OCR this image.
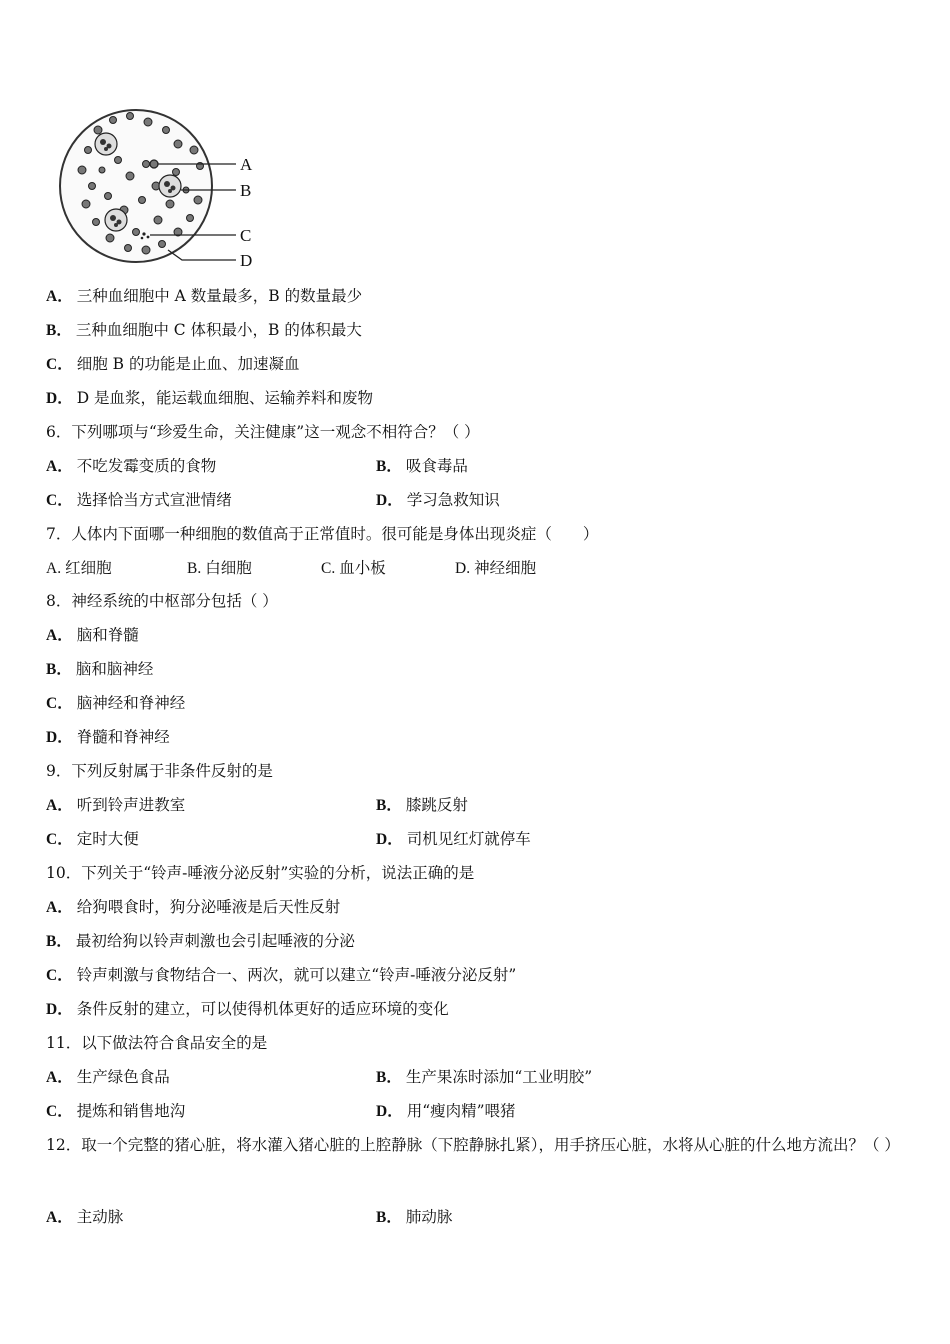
A
B
C
D
A． 三种血细胞中 A 数量最多，B 的数量最少
B． 三种血细胞中 C 体积最小，B 的体积最大
C． 细胞 B 的功能是止血、加速凝血
D． D 是血浆，能运载血细胞、运输养料和废物
6．下列哪项与“珍爱生命，关注健康”这一观念不相符合？（ ）
A． 不吃发霉变质的食物	B． 吸食毒品
C． 选择恰当方式宣泄情绪	D． 学习急救知识
7．人体内下面哪一种细胞的数值高于正常值时。很可能是身体出现炎症（　　）
A. 红细胞	B. 白细胞	C. 血小板	D. 神经细胞
8．神经系统的中枢部分包括（ ）
A． 脑和脊髓
B． 脑和脑神经
C． 脑神经和脊神经
D． 脊髓和脊神经
9．下列反射属于非条件反射的是
A． 听到铃声进教室	B． 膝跳反射
C． 定时大便	D． 司机见红灯就停车
10．下列关于“铃声-唾液分泌反射”实验的分析，说法正确的是
A． 给狗喂食时，狗分泌唾液是后天性反射
B． 最初给狗以铃声刺激也会引起唾液的分泌
C． 铃声刺激与食物结合一、两次，就可以建立“铃声-唾液分泌反射”
D． 条件反射的建立，可以使得机体更好的适应环境的变化
11．以下做法符合食品安全的是
A． 生产绿色食品	B． 生产果冻时添加“工业明胶”
C． 提炼和销售地沟	D． 用“瘦肉精”喂猪
12．取一个完整的猪心脏，将水灌入猪心脏的上腔静脉（下腔静脉扎紧），用手挤压心脏，水将从心脏的什么地方流出？（ ）
A． 主动脉	B． 肺动脉
